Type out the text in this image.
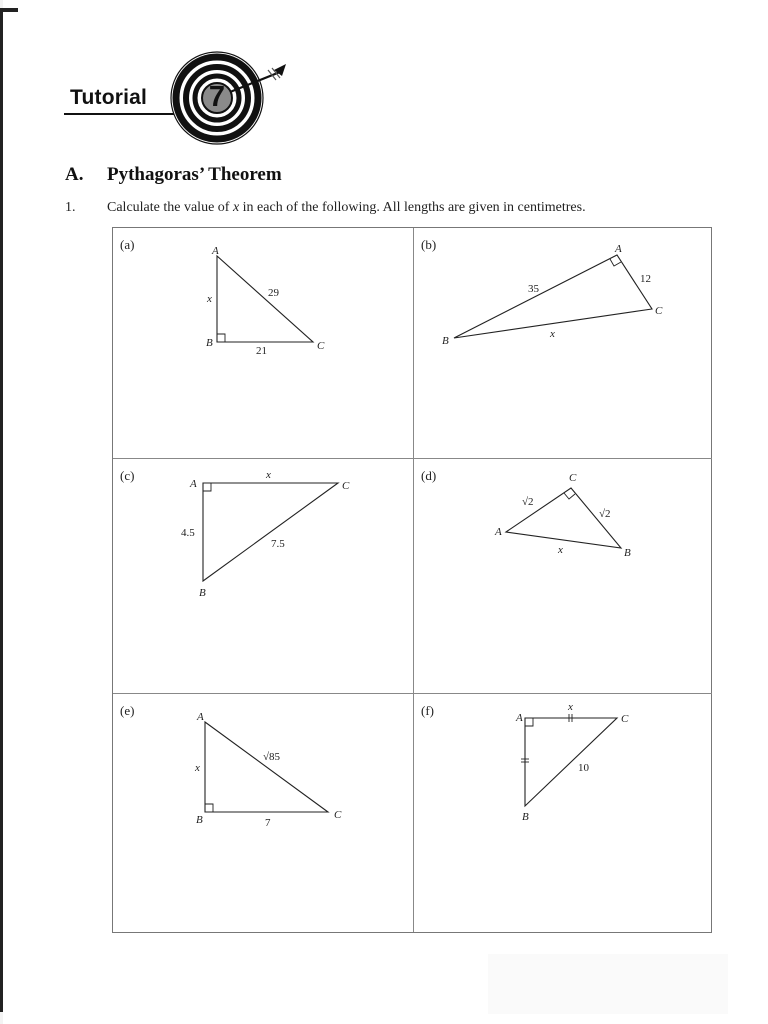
Tutorial 7
A. Pythagoras’ Theorem
1. Calculate the value of x in each of the following. All lengths are given in centimetres.
(a)	A
B	C
x	29
21
(b)	A
B
C
35
12
x
(c)
A
B
C
4.5
x
7.5
(d)
A
B
C
√2
√2
x
(e)	A
B	C
x
√85
7
(f)	A
B
C
x
10
